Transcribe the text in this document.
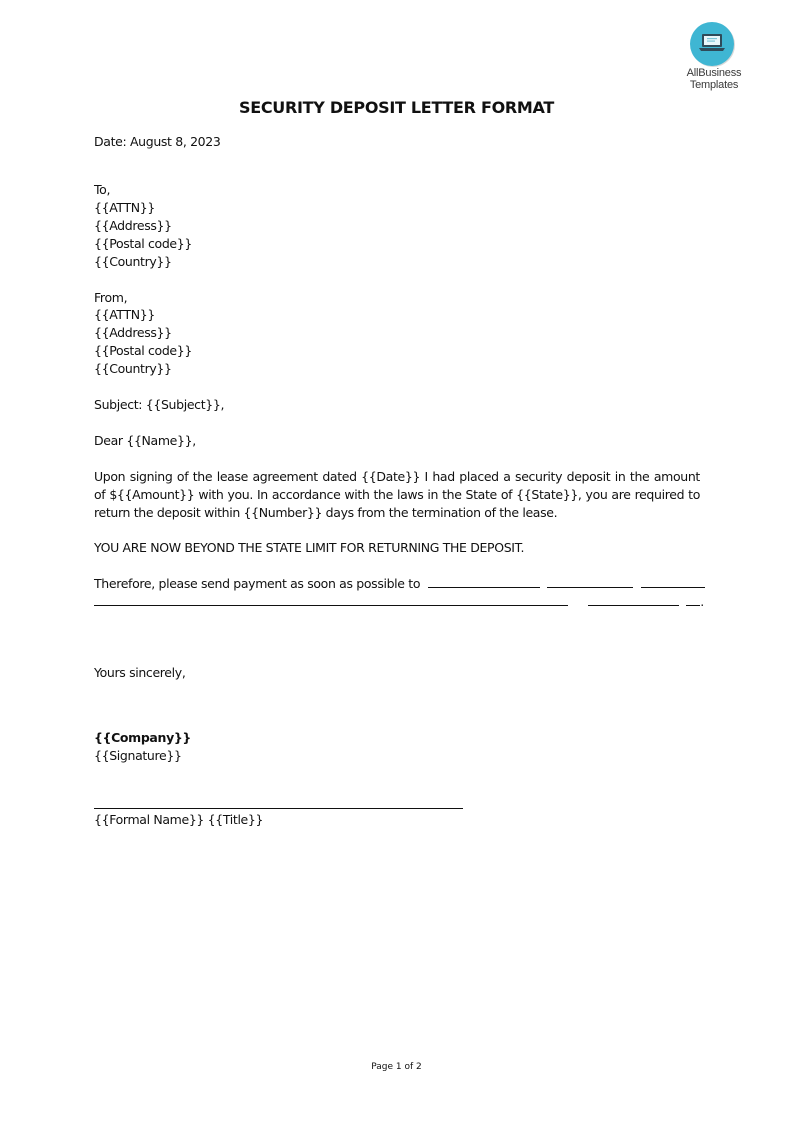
AllBusiness
Templates
SECURITY DEPOSIT LETTER FORMAT
Date: August 8, 2023
To,
{{ATTN}}
{{Address}}
{{Postal code}}
{{Country}}
From,
{{ATTN}}
{{Address}}
{{Postal code}}
{{Country}}
Subject: {{Subject}},
Dear {{Name}},
Upon signing of the lease agreement dated {{Date}} I had placed a security deposit in the amount of ${{Amount}} with you. In accordance with the laws in the State of {{State}}, you are required to return the deposit within {{Number}} days from the termination of the lease.
YOU ARE NOW BEYOND THE STATE LIMIT FOR RETURNING THE DEPOSIT.
Therefore, please send payment as soon as possible to
.
Yours sincerely,
{{Company}}
{{Signature}}
{{Formal Name}} {{Title}}
Page 1 of 2
